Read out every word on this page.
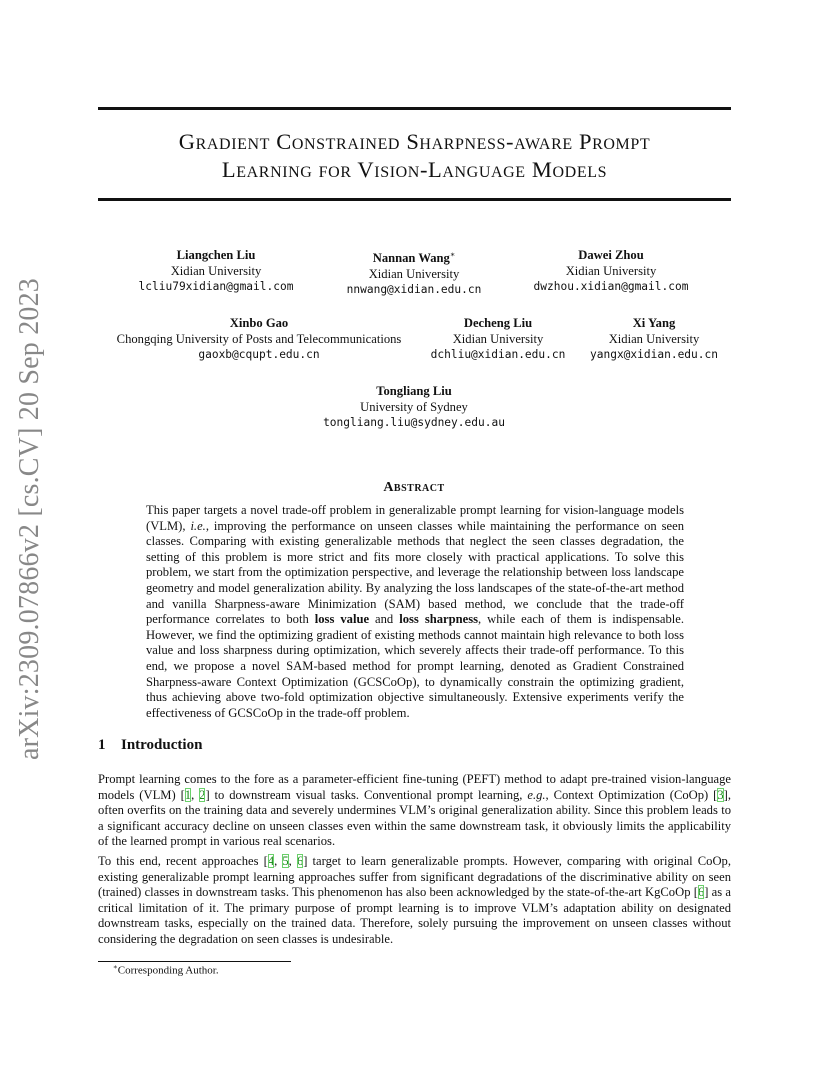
arXiv:2309.07866v2 [cs.CV] 20 Sep 2023
Gradient Constrained Sharpness-aware Prompt
Learning for Vision-Language Models
Liangchen Liu
Xidian University
lcliu79xidian@gmail.com
Nannan Wang∗
Xidian University
nnwang@xidian.edu.cn
Dawei Zhou
Xidian University
dwzhou.xidian@gmail.com
Xinbo Gao
Chongqing University of Posts and Telecommunications
gaoxb@cqupt.edu.cn
Decheng Liu
Xidian University
dchliu@xidian.edu.cn
Xi Yang
Xidian University
yangx@xidian.edu.cn
Tongliang Liu
University of Sydney
tongliang.liu@sydney.edu.au
Abstract

This paper targets a novel trade-off problem in generalizable prompt learning for vision-language models (VLM), i.e., improving the performance on unseen classes while maintaining the performance on seen classes. Comparing with existing generalizable methods that neglect the seen classes degradation, the setting of this problem is more strict and fits more closely with practical applications. To solve this problem, we start from the optimization perspective, and leverage the relationship between loss landscape geometry and model generalization ability. By analyzing the loss landscapes of the state-of-the-art method and vanilla Sharpness-aware Minimization (SAM) based method, we conclude that the trade-off performance correlates to both loss value and loss sharpness, while each of them is indispensable. However, we find the optimizing gradient of existing methods cannot maintain high relevance to both loss value and loss sharpness during optimization, which severely affects their trade-off performance. To this end, we propose a novel SAM-based method for prompt learning, denoted as Gradient Constrained Sharpness-aware Context Optimization (GCSCoOp), to dynamically constrain the optimizing gradient, thus achieving above two-fold optimization objective simultaneously. Extensive experiments verify the effectiveness of GCSCoOp in the trade-off problem.

1 Introduction

Prompt learning comes to the fore as a parameter-efficient fine-tuning (PEFT) method to adapt pre-trained vision-language models (VLM) [1, 2] to downstream visual tasks. Conventional prompt learning, e.g., Context Optimization (CoOp) [3], often overfits on the training data and severely undermines VLM’s original generalization ability. Since this problem leads to a significant accuracy decline on unseen classes even within the same downstream task, it obviously limits the applicability of the learned prompt in various real scenarios.

To this end, recent approaches [4, 5, 6] target to learn generalizable prompts. However, comparing with original CoOp, existing generalizable prompt learning approaches suffer from significant degradations of the discriminative ability on seen (trained) classes in downstream tasks. This phenomenon has also been acknowledged by the state-of-the-art KgCoOp [6] as a critical limitation of it. The primary purpose of prompt learning is to improve VLM’s adaptation ability on designated downstream tasks, especially on the trained data. Therefore, solely pursuing the improvement on unseen classes without considering the degradation on seen classes is undesirable.

∗Corresponding Author.
